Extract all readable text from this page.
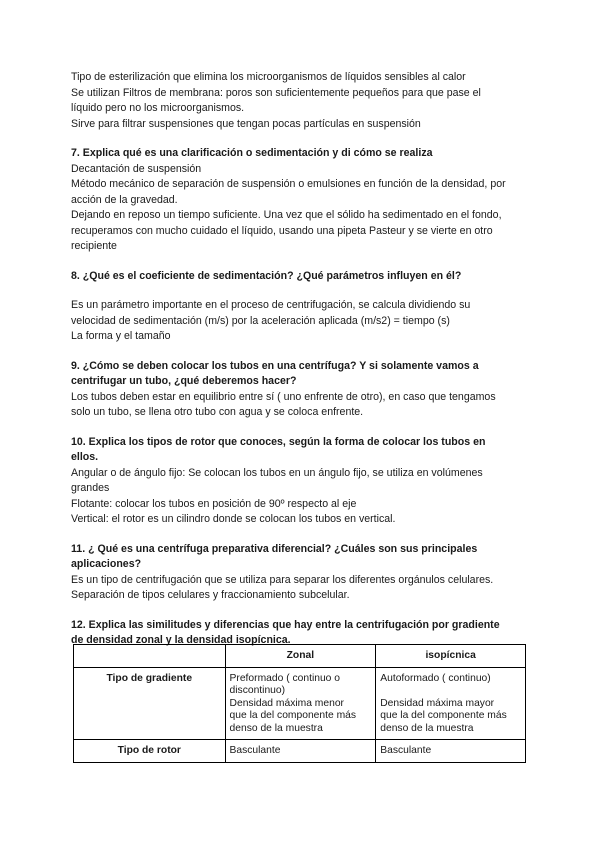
Tipo de esterilización que elimina los microorganismos de líquidos sensibles al calor

Se utilizan Filtros de membrana: poros son suficientemente pequeños para que pase el

líquido pero no los microorganismos.

Sirve para filtrar suspensiones que tengan pocas partículas en suspensión

7. Explica qué es una clarificación o sedimentación y di cómo se realiza

Decantación de suspensión

Método mecánico de separación de suspensión o emulsiones en función de la densidad, por

acción de la gravedad.

Dejando en reposo un tiempo suficiente. Una vez que el sólido ha sedimentado en el fondo,

recuperamos con mucho cuidado el líquido, usando una pipeta Pasteur y se vierte en otro

recipiente

8. ¿Qué es el coeficiente de sedimentación? ¿Qué parámetros influyen en él?

Es un parámetro importante en el proceso de centrifugación, se calcula dividiendo su

velocidad de sedimentación (m/s) por la aceleración aplicada (m/s2) = tiempo (s)

La forma y el tamaño

9. ¿Cómo se deben colocar los tubos en una centrífuga? Y si solamente vamos a

centrifugar un tubo, ¿qué deberemos hacer?

Los tubos deben estar en equilibrio entre sí ( uno enfrente de otro), en caso que tengamos

solo un tubo, se llena otro tubo con agua y se coloca enfrente.

10. Explica los tipos de rotor que conoces, según la forma de colocar los tubos en

ellos.

Angular o de ángulo fijo: Se colocan los tubos en un ángulo fijo, se utiliza en volúmenes

grandes

Flotante: colocar los tubos en posición de 90º respecto al eje

Vertical: el rotor es un cilindro donde se colocan los tubos en vertical.

11. ¿ Qué es una centrífuga preparativa diferencial? ¿Cuáles son sus principales

aplicaciones?

Es un tipo de centrifugación que se utiliza para separar los diferentes orgánulos celulares.

Separación de tipos celulares y fraccionamiento subcelular.

12. Explica las similitudes y diferencias que hay entre la centrifugación por gradiente

de densidad zonal y la densidad isopícnica.

	Zonal	isopícnica
Tipo de gradiente	Preformado ( continuo o
discontinuo)
Densidad máxima menor
que la del componente más
denso de la muestra	Autoformado ( continuo)
Densidad máxima mayor
que la del componente más
denso de la muestra

Tipo de rotor	Basculante	Basculante
